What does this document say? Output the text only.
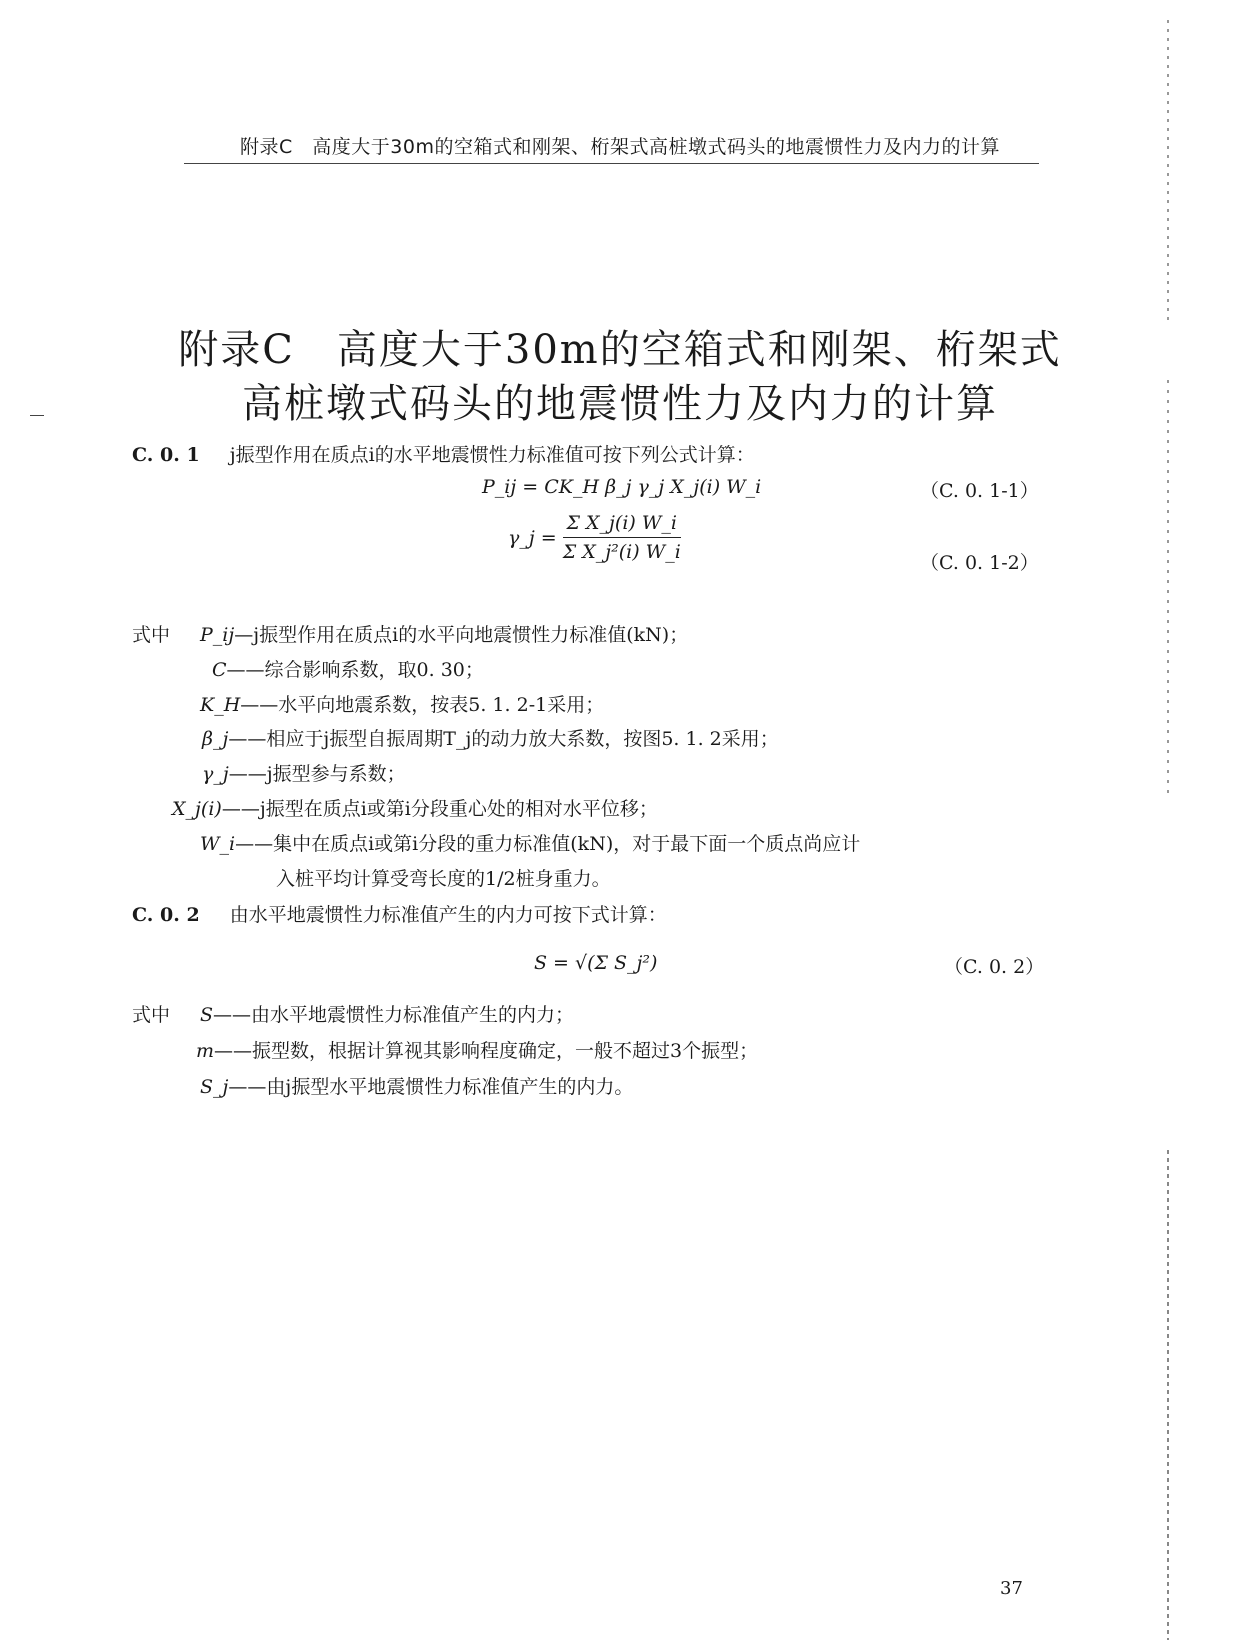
附录C　高度大于30m的空箱式和刚架、桁架式高桩墩式码头的地震惯性力及内力的计算
附录C　高度大于30m的空箱式和刚架、桁架式
高桩墩式码头的地震惯性力及内力的计算
C. 0. 1 j振型作用在质点i的水平地震惯性力标准值可按下列公式计算：
P_ij = CK_H β_j γ_j X_j(i) W_i	（C. 0. 1-1）
γ_j = $\frac{\text{Σ X\_j(i) W\_i}}{\text{Σ X\_j²(i) W\_i}}$	（C. 0. 1-2）
式中 P_ij—j振型作用在质点i的水平向地震惯性力标准值(kN)；
C——综合影响系数，取0. 30；
K_H——水平向地震系数，按表5. 1. 2-1采用；
β_j——相应于j振型自振周期T_j的动力放大系数，按图5. 1. 2采用；
γ_j——j振型参与系数；
X_j(i)——j振型在质点i或第i分段重心处的相对水平位移；
W_i——集中在质点i或第i分段的重力标准值(kN)，对于最下面一个质点尚应计
入桩平均计算受弯长度的1/2桩身重力。
C. 0. 2 由水平地震惯性力标准值产生的内力可按下式计算：
S = √(Σ S_j²)	（C. 0. 2）
式中 S——由水平地震惯性力标准值产生的内力；
m——振型数，根据计算视其影响程度确定，一般不超过3个振型；
S_j——由j振型水平地震惯性力标准值产生的内力。
37
